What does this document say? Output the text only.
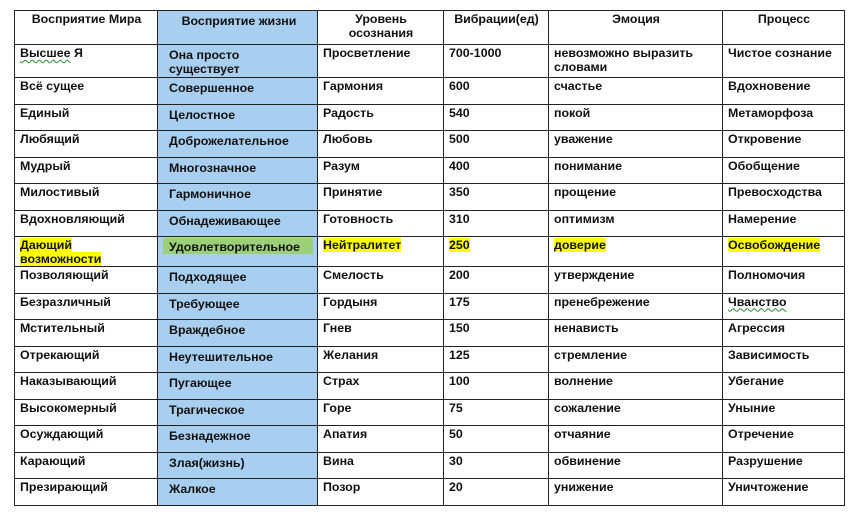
Восприятие Мира	Восприятие жизни	Уровень осознания	Вибрации(ед)	Эмоция	Процесс
Высшее Я	Она просто существует	Просветление	700-1000	невозможно выразить словами	Чистое сознание
Всё сущее	Совершенное	Гармония	600	счастье	Вдохновение
Единый	Целостное	Радость	540	покой	Метаморфоза
Любящий	Доброжелательное	Любовь	500	уважение	Откровение
Мудрый	Многозначное	Разум	400	понимание	Обобщение
Милостивый	Гармоничное	Принятие	350	прощение	Превосходства
Вдохновляющий	Обнадеживающее	Готовность	310	оптимизм	Намерение
Дающий возможности	Удовлетворительное	Нейтралитет	250	доверие	Освобождение
Позволяющий	Подходящее	Смелость	200	утверждение	Полномочия
Безразличный	Требующее	Гордыня	175	пренебрежение	Чванство
Мстительный	Враждебное	Гнев	150	ненависть	Агрессия
Отрекающий	Неутешительное	Желания	125	стремление	Зависимость
Наказывающий	Пугающее	Страх	100	волнение	Убегание
Высокомерный	Трагическое	Горе	75	сожаление	Уныние
Осуждающий	Безнадежное	Апатия	50	отчаяние	Отречение
Карающий	Злая(жизнь)	Вина	30	обвинение	Разрушение
Презирающий	Жалкое	Позор	20	унижение	Уничтожение
